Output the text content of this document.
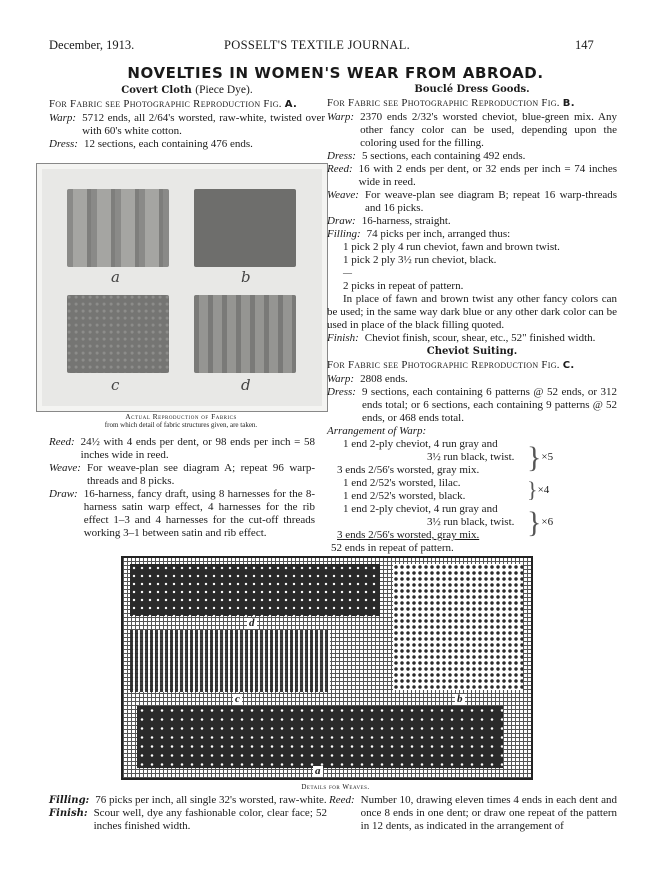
December, 1913.	POSSELT'S TEXTILE JOURNAL.	147
NOVELTIES IN WOMEN'S WEAR FROM ABROAD.
Covert Cloth (Piece Dye).
For Fabric see Photographic Reproduction Fig. A.
Warp: 5712 ends, all 2/64's worsted, raw-white, twisted over with 60's white cotton.
Dress: 12 sections, each containing 476 ends.
a	b
c	d
Actual Reproduction of Fabrics
from which detail of fabric structures given, are taken.
Reed: 24½ with 4 ends per dent, or 98 ends per inch = 58 inches wide in reed.
Weave: For weave-plan see diagram A; repeat 96 warp-threads and 8 picks.
Draw: 16-harness, fancy draft, using 8 harnesses for the 8-harness satin warp effect, 4 harnesses for the rib effect 1–3 and 4 harnesses for the cut-off threads working 3–1 between satin and rib effect.
Bouclé Dress Goods.
For Fabric see Photographic Reproduction Fig. B.
Warp: 2370 ends 2/32's worsted cheviot, blue-green mix. Any other fancy color can be used, depending upon the coloring used for the filling.
Dress: 5 sections, each containing 492 ends.
Reed: 16 with 2 ends per dent, or 32 ends per inch = 74 inches wide in reed.
Weave: For weave-plan see diagram B; repeat 16 warp-threads and 16 picks.
Draw: 16-harness, straight.
Filling: 74 picks per inch, arranged thus:
1 pick 2 ply 4 run cheviot, fawn and brown twist.
1 pick 2 ply 3½ run cheviot, black.
—
2 picks in repeat of pattern.
In place of fawn and brown twist any other fancy colors can be used; in the same way dark blue or any other dark color can be used in place of the black filling quoted.
Finish: Cheviot finish, scour, shear, etc., 52" finished width.
Cheviot Suiting.
For Fabric see Photographic Reproduction Fig. C.
Warp: 2808 ends.
Dress: 9 sections, each containing 6 patterns @ 52 ends, or 312 ends total; or 6 sections, each containing 9 patterns @ 52 ends, or 468 ends total.
Arrangement of Warp:
1 end 2-ply cheviot, 4 run gray and
3½ run black, twist.
3 ends 2/56's worsted, gray mix.	} ×5
1 end 2/52's worsted, lilac.
1 end 2/52's worsted, black.	} ×4
1 end 2-ply cheviot, 4 run gray and
3½ run black, twist.
3 ends 2/56's worsted, gray mix.	} ×6
52 ends in repeat of pattern.
d
c	b
a
Details for Weaves.
Filling: 76 picks per inch, all single 32's worsted, raw-white.
Finish: Scour well, dye any fashionable color, clear face; 52 inches finished width.
Reed: Number 10, drawing eleven times 4 ends in each dent and once 8 ends in one dent; or draw one repeat of the pattern in 12 dents, as indicated in the arrangement of
